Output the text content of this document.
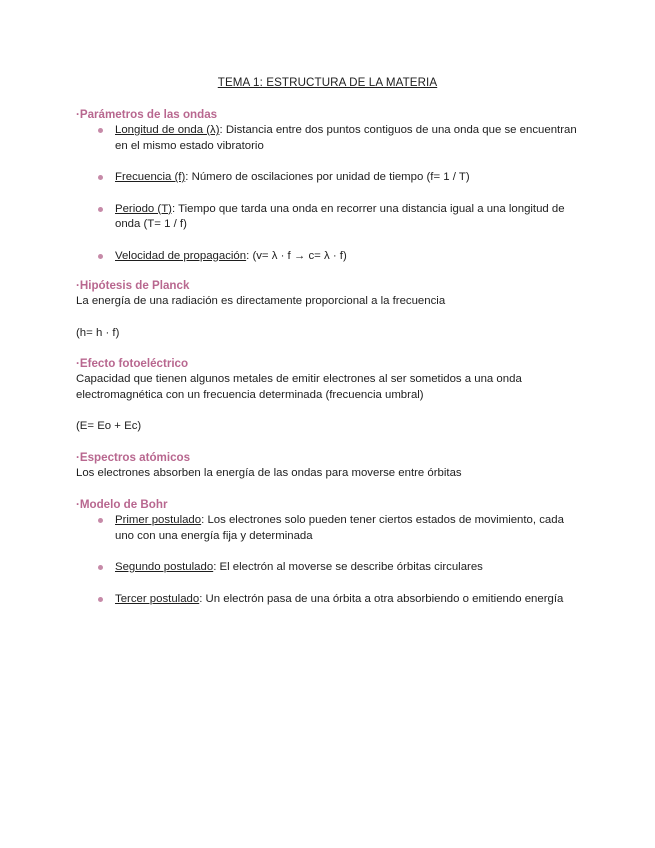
TEMA 1: ESTRUCTURA DE LA MATERIA
·Parámetros de las ondas
Longitud de onda (λ): Distancia entre dos puntos contiguos de una onda que se encuentran en el mismo estado vibratorio
Frecuencia (f): Número de oscilaciones por unidad de tiempo (f= 1 / T)
Periodo (T): Tiempo que tarda una onda en recorrer una distancia igual a una longitud de onda (T= 1 / f)
Velocidad de propagación: (v= λ · f → c= λ · f)
·Hipótesis de Planck
La energía de una radiación es directamente proporcional a la frecuencia
(h= h · f)
·Efecto fotoeléctrico
Capacidad que tienen algunos metales de emitir electrones al ser sometidos a una onda electromagnética con un frecuencia determinada (frecuencia umbral)
(E= Eo + Ec)
·Espectros atómicos
Los electrones absorben la energía de las ondas para moverse entre órbitas
·Modelo de Bohr
Primer postulado: Los electrones solo pueden tener ciertos estados de movimiento, cada uno con una energía fija y determinada
Segundo postulado: El electrón al moverse se describe órbitas circulares
Tercer postulado: Un electrón pasa de una órbita a otra absorbiendo o emitiendo energía
